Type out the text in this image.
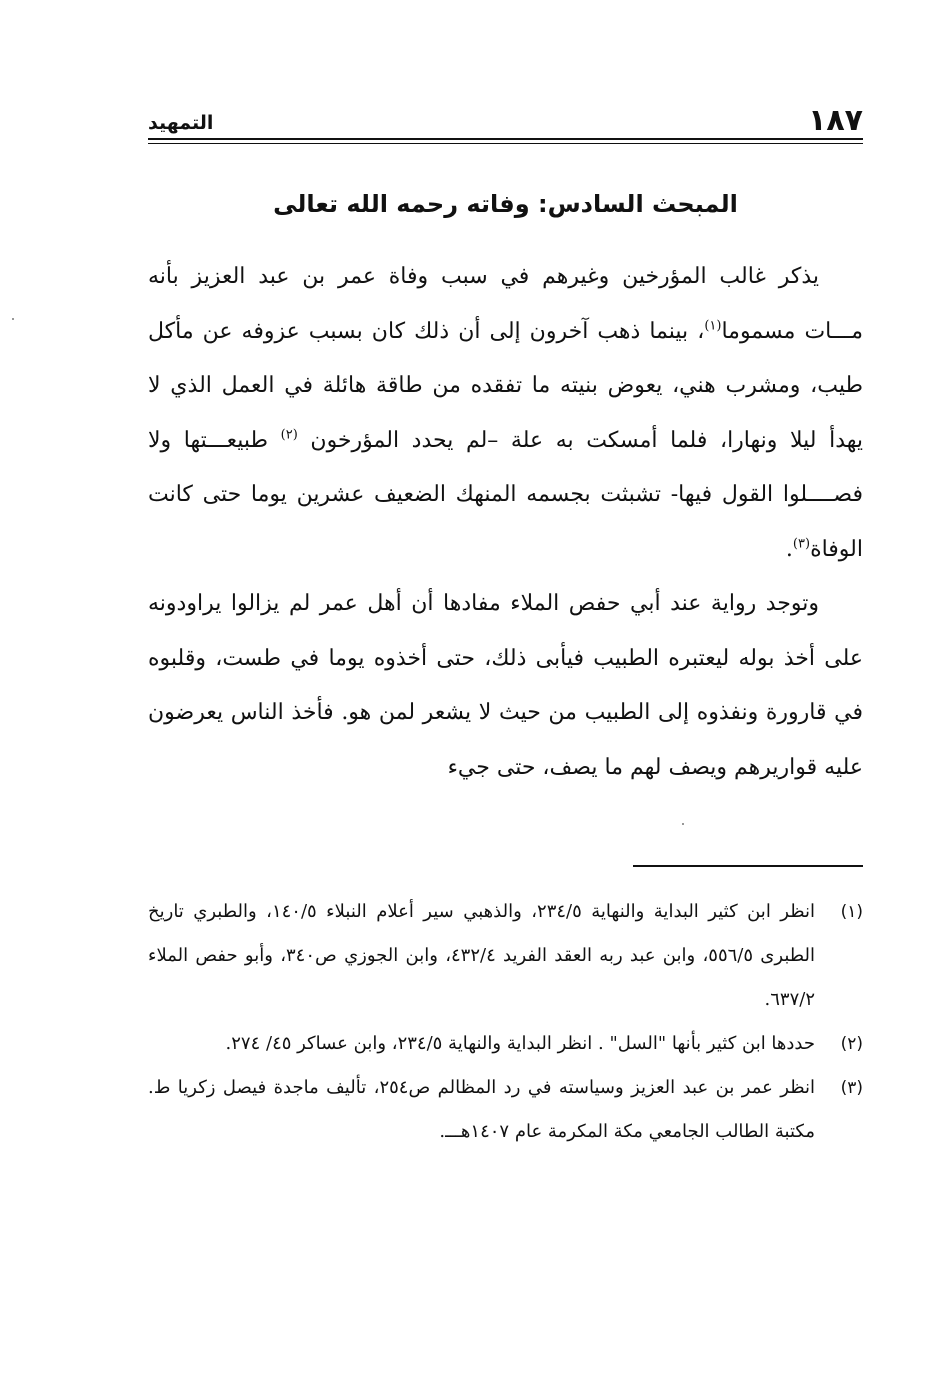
١٨٧
التمهيد
المبحث السادس: وفاته رحمه الله تعالى

يذكر غالب المؤرخين وغيرهم في سبب وفاة عمر بن عبد العزيز بأنه مـــات مسموما$^{(١)}$، بينما ذهب آخرون إلى أن ذلك كان بسبب عزوفه عن مأكل طيب، ومشرب هني، يعوض بنيته ما تفقده من طاقة هائلة في العمل الذي لا يهدأ ليلا ونهارا، فلما أمسكت به علة –لم يحدد المؤرخون $^{(٢)}$ طبيعـــتها ولا فصــــلوا القول فيها- تشبثت بجسمه المنهك الضعيف عشرين يوما حتى كانت الوفاة$^{(٣)}$.

وتوجد رواية عند أبي حفص الملاء مفادها أن أهل عمر لم يزالوا يراودونه على أخذ بوله ليعتبره الطبيب فيأبى ذلك، حتى أخذوه يوما في طست، وقلبوه في قارورة ونفذوه إلى الطبيب من حيث لا يشعر لمن هو. فأخذ الناس يعرضون عليه قواريرهم ويصف لهم ما يصف، حتى جيء

(١)
انظر ابن كثير البداية والنهاية ٢٣٤/٥، والذهبي سير أعلام النبلاء ١٤٠/٥، والطبري تاريخ الطبرى ٥٥٦/٥، وابن عبد ربه العقد الفريد ٤٣٢/٤، وابن الجوزي ص٣٤٠، وأبو حفص الملاء ٦٣٧/٢.
(٢)
حددها ابن كثير بأنها "السل" . انظر البداية والنهاية ٢٣٤/٥، وابن عساكر ٤٥/ ٢٧٤.
(٣)
انظر عمر بن عبد العزيز وسياسته في رد المظالم ص٢٥٤، تأليف ماجدة فيصل زكريا ط. مكتبة الطالب الجامعي مكة المكرمة عام ١٤٠٧هـــ.
